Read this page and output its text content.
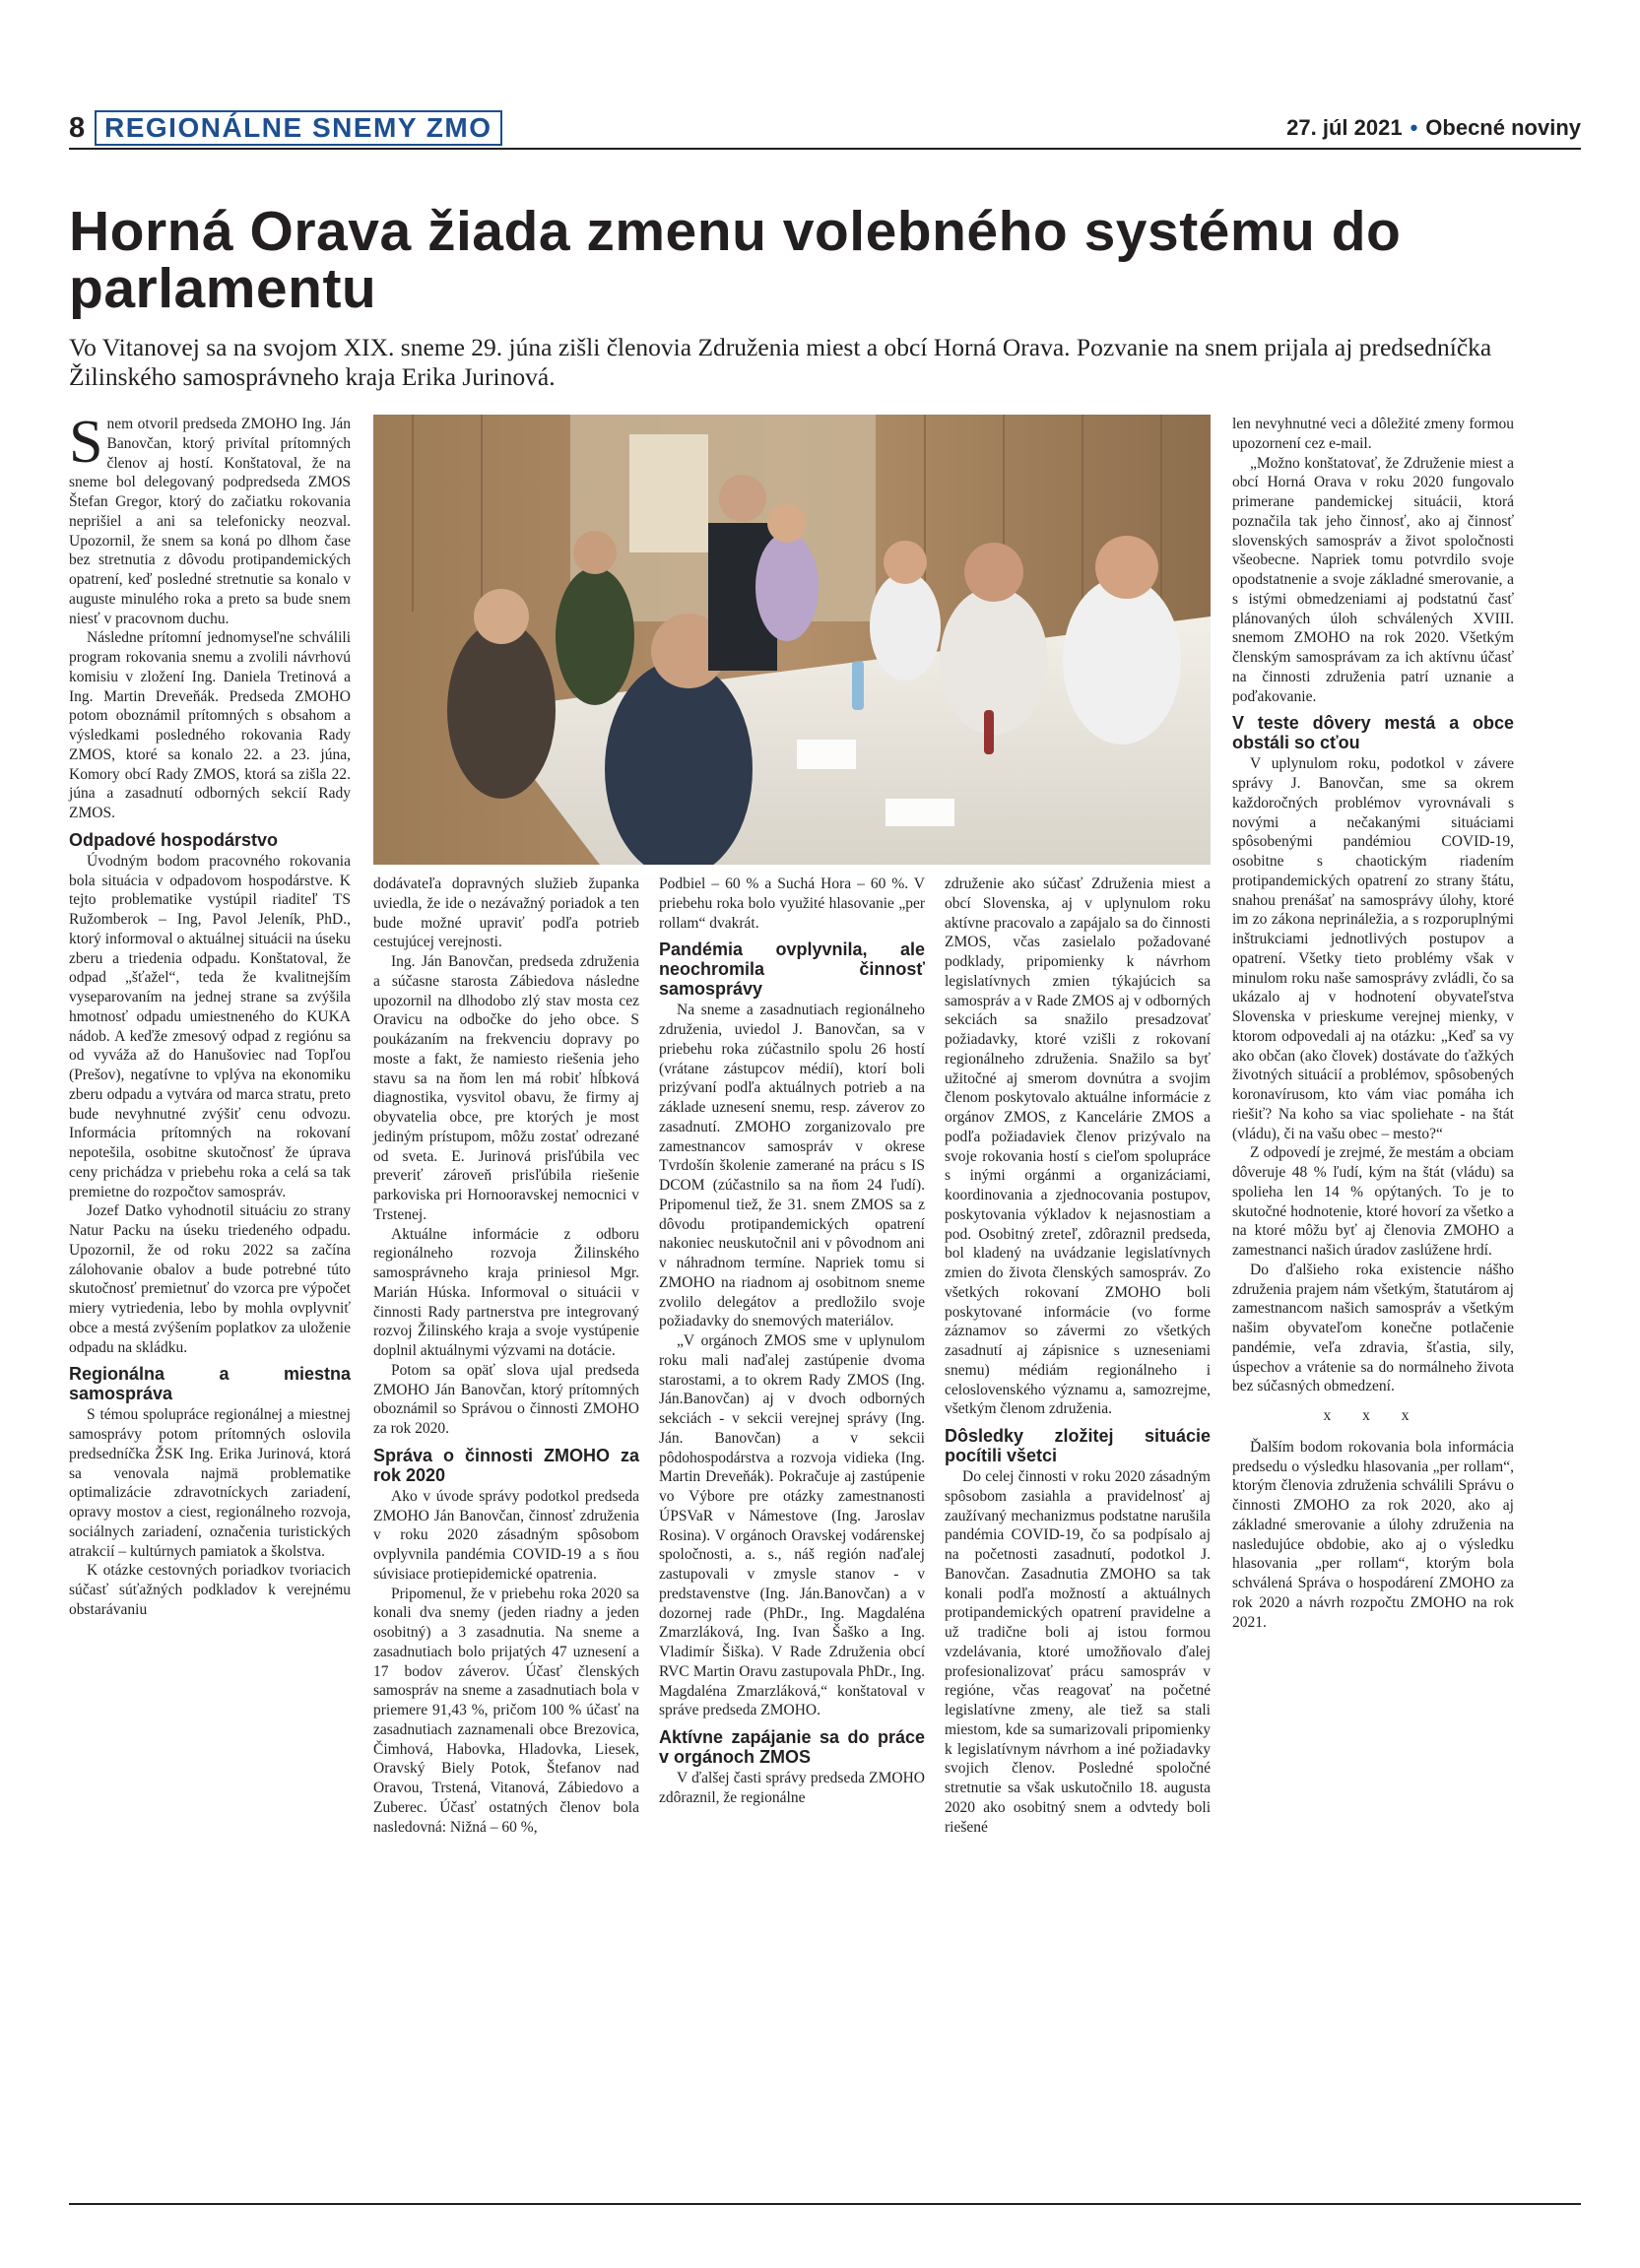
8 REGIONÁLNE SNEMY ZMO	27. júl 2021 • Obecné noviny
Horná Orava žiada zmenu volebného systému do parlamentu

Vo Vitanovej sa na svojom XIX. sneme 29. júna zišli členovia Združenia miest a obcí Horná Orava. Pozvanie na snem prijala aj predsedníčka Žilinského samosprávneho kraja Erika Jurinová.

Snem otvoril predseda ZMOHO Ing. Ján Banovčan, ktorý privítal prítomných členov aj hostí. Konštatoval, že na sneme bol delegovaný podpredseda ZMOS Štefan Gregor, ktorý do začiatku rokovania neprišiel a ani sa telefonicky neozval. Upozornil, že snem sa koná po dlhom čase bez stretnutia z dôvodu protipandemických opatrení, keď posledné stretnutie sa konalo v auguste minulého roka a preto sa bude snem niesť v pracovnom duchu.

Následne prítomní jednomyseľne schválili program rokovania snemu a zvolili návrhovú komisiu v zložení Ing. Daniela Tretinová a Ing. Martin Dreveňák. Predseda ZMOHO potom oboznámil prítomných s obsahom a výsledkami posledného rokovania Rady ZMOS, ktoré sa konalo 22. a 23. júna, Komory obcí Rady ZMOS, ktorá sa zišla 22. júna a zasadnutí odborných sekcií Rady ZMOS.

Odpadové hospodárstvo

Úvodným bodom pracovného rokovania bola situácia v odpadovom hospodárstve. K tejto problematike vystúpil riaditeľ TS Ružomberok – Ing, Pavol Jeleník, PhD., ktorý informoval o aktuálnej situácii na úseku zberu a triedenia odpadu. Konštatoval, že odpad „šťažel“, teda že kvalitnejším vyseparovaním na jednej strane sa zvýšila hmotnosť odpadu umiestneného do KUKA nádob. A keďže zmesový odpad z regiónu sa od vyváža až do Hanušoviec nad Topľou (Prešov), negatívne to vplýva na ekonomiku zberu odpadu a vytvára od marca stratu, preto bude nevyhnutné zvýšiť cenu odvozu. Informácia prítomných na rokovaní nepotešila, osobitne skutočnosť že úprava ceny prichádza v priebehu roka a celá sa tak premietne do rozpočtov samospráv.

Jozef Datko vyhodnotil situáciu zo strany Natur Packu na úseku triedeného odpadu. Upozornil, že od roku 2022 sa začína zálohovanie obalov a bude potrebné túto skutočnosť premietnuť do vzorca pre výpočet miery vytriedenia, lebo by mohla ovplyvniť obce a mestá zvýšením poplatkov za uloženie odpadu na skládku.

Regionálna a miestna samospráva

S témou spolupráce regionálnej a miestnej samosprávy potom prítomných oslovila predsedníčka ŽSK Ing. Erika Jurinová, ktorá sa venovala najmä problematike optimalizácie zdravotníckych zariadení, opravy mostov a ciest, regionálneho rozvoja, sociálnych zariadení, označenia turistických atrakcií – kultúrnych pamiatok a školstva.

K otázke cestovných poriadkov tvoriacich súčasť súťažných podkladov k verejnému obstarávaniu

dodávateľa dopravných služieb županka uviedla, že ide o nezávažný poriadok a ten bude možné upraviť podľa potrieb cestujúcej verejnosti.

Ing. Ján Banovčan, predseda združenia a súčasne starosta Zábiedova následne upozornil na dlhodobo zlý stav mosta cez Oravicu na odbočke do jeho obce. S poukázaním na frekvenciu dopravy po moste a fakt, že namiesto riešenia jeho stavu sa na ňom len má robiť hĺbková diagnostika, vysvitol obavu, že firmy aj obyvatelia obce, pre ktorých je most jediným prístupom, môžu zostať odrezané od sveta. E. Jurinová prisľúbila vec preveriť zároveň prisľúbila riešenie parkoviska pri Hornooravskej nemocnici v Trstenej.

Aktuálne informácie z odboru regionálneho rozvoja Žilinského samosprávneho kraja priniesol Mgr. Marián Húska. Informoval o situácii v činnosti Rady partnerstva pre integrovaný rozvoj Žilinského kraja a svoje vystúpenie doplnil aktuálnymi výzvami na dotácie.

Potom sa opäť slova ujal predseda ZMOHO Ján Banovčan, ktorý prítomných oboznámil so Správou o činnosti ZMOHO za rok 2020.

Správa o činnosti ZMOHO za rok 2020

Ako v úvode správy podotkol predseda ZMOHO Ján Banovčan, činnosť združenia v roku 2020 zásadným spôsobom ovplyvnila pandémia COVID-19 a s ňou súvisiace protiepidemické opatrenia.

Pripomenul, že v priebehu roka 2020 sa konali dva snemy (jeden riadny a jeden osobitný) a 3 zasadnutia. Na sneme a zasadnutiach bolo prijatých 47 uznesení a 17 bodov záverov. Účasť členských samospráv na sneme a zasadnutiach bola v priemere 91,43 %, pričom 100 % účasť na zasadnutiach zaznamenali obce Brezovica, Čimhová, Habovka, Hladovka, Liesek, Oravský Biely Potok, Štefanov nad Oravou, Trstená, Vitanová, Zábiedovo a Zuberec. Účasť ostatných členov bola nasledovná: Nižná – 60 %,

Podbiel – 60 % a Suchá Hora – 60 %. V priebehu roka bolo využité hlasovanie „per rollam“ dvakrát.

Pandémia ovplyvnila, ale neochromila činnosť samosprávy

Na sneme a zasadnutiach regionálneho združenia, uviedol J. Banovčan, sa v priebehu roka zúčastnilo spolu 26 hostí (vrátane zástupcov médií), ktorí boli prizývaní podľa aktuálnych potrieb a na základe uznesení snemu, resp. záverov zo zasadnutí. ZMOHO zorganizovalo pre zamestnancov samospráv v okrese Tvrdošín školenie zamerané na prácu s IS DCOM (zúčastnilo sa na ňom 24 ľudí). Pripomenul tiež, že 31. snem ZMOS sa z dôvodu protipandemických opatrení nakoniec neuskutočnil ani v pôvodnom ani v náhradnom termíne. Napriek tomu si ZMOHO na riadnom aj osobitnom sneme zvolilo delegátov a predložilo svoje požiadavky do snemových materiálov.

„V orgánoch ZMOS sme v uplynulom roku mali naďalej zastúpenie dvoma starostami, a to okrem Rady ZMOS (Ing. Ján.Banovčan) aj v dvoch odborných sekciách - v sekcii verejnej správy (Ing. Ján. Banovčan) a v sekcii pôdohospodárstva a rozvoja vidieka (Ing. Martin Dreveňák). Pokračuje aj zastúpenie vo Výbore pre otázky zamestnanosti ÚPSVaR v Námestove (Ing. Jaroslav Rosina). V orgánoch Oravskej vodárenskej spoločnosti, a. s., náš región naďalej zastupovali v zmysle stanov - v predstavenstve (Ing. Ján.Banovčan) a v dozornej rade (PhDr., Ing. Magdaléna Zmarzláková, Ing. Ivan Šaško a Ing. Vladimír Šiška). V Rade Združenia obcí RVC Martin Oravu zastupovala PhDr., Ing. Magdaléna Zmarzláková,“ konštatoval v správe predseda ZMOHO.

Aktívne zapájanie sa do práce v orgánoch ZMOS

V ďalšej časti správy predseda ZMOHO zdôraznil, že regionálne

združenie ako súčasť Združenia miest a obcí Slovenska, aj v uplynulom roku aktívne pracovalo a zapájalo sa do činnosti ZMOS, včas zasielalo požadované podklady, pripomienky k návrhom legislatívnych zmien týkajúcich sa samospráv a v Rade ZMOS aj v odborných sekciách sa snažilo presadzovať požiadavky, ktoré vzišli z rokovaní regionálneho združenia. Snažilo sa byť užitočné aj smerom dovnútra a svojim členom poskytovalo aktuálne informácie z orgánov ZMOS, z Kancelárie ZMOS a podľa požiadaviek členov prizývalo na svoje rokovania hostí s cieľom spolupráce s inými orgánmi a organizáciami, koordinovania a zjednocovania postupov, poskytovania výkladov k nejasnostiam a pod. Osobitný zreteľ, zdôraznil predseda, bol kladený na uvádzanie legislatívnych zmien do života členských samospráv. Zo všetkých rokovaní ZMOHO boli poskytované informácie (vo forme záznamov so závermi zo všetkých zasadnutí aj zápisnice s uzneseniami snemu) médiám regionálneho i celoslovenského významu a, samozrejme, všetkým členom združenia.

Dôsledky zložitej situácie pocítili všetci

Do celej činnosti v roku 2020 zásadným spôsobom zasiahla a pravidelnosť aj zaužívaný mechanizmus podstatne narušila pandémia COVID-19, čo sa podpísalo aj na početnosti zasadnutí, podotkol J. Banovčan. Zasadnutia ZMOHO sa tak konali podľa možností a aktuálnych protipandemických opatrení pravidelne a už tradične boli aj istou formou vzdelávania, ktoré umožňovalo ďalej profesionalizovať prácu samospráv v regióne, včas reagovať na početné legislatívne zmeny, ale tiež sa stali miestom, kde sa sumarizovali pripomienky k legislatívnym návrhom a iné požiadavky svojich členov. Posledné spoločné stretnutie sa však uskutočnilo 18. augusta 2020 ako osobitný snem a odvtedy boli riešené

len nevyhnutné veci a dôležité zmeny formou upozornení cez e-mail.

„Možno konštatovať, že Združenie miest a obcí Horná Orava v roku 2020 fungovalo primerane pandemickej situácii, ktorá poznačila tak jeho činnosť, ako aj činnosť slovenských samospráv a život spoločnosti všeobecne. Napriek tomu potvrdilo svoje opodstatnenie a svoje základné smerovanie, a s istými obmedzeniami aj podstatnú časť plánovaných úloh schválených XVIII. snemom ZMOHO na rok 2020. Všetkým členským samosprávam za ich aktívnu účasť na činnosti združenia patrí uznanie a poďakovanie.

V teste dôvery mestá a obce obstáli so cťou

V uplynulom roku, podotkol v závere správy J. Banovčan, sme sa okrem každoročných problémov vyrovnávali s novými a nečakanými situáciami spôsobenými pandémiou COVID-19, osobitne s chaotickým riadením protipandemických opatrení zo strany štátu, snahou prenášať na samosprávy úlohy, ktoré im zo zákona neprináležia, a s rozporuplnými inštrukciami jednotlivých postupov a opatrení. Všetky tieto problémy však v minulom roku naše samosprávy zvládli, čo sa ukázalo aj v hodnotení obyvateľstva Slovenska v prieskume verejnej mienky, v ktorom odpovedali aj na otázku: „Keď sa vy ako občan (ako človek) dostávate do ťažkých životných situácií a problémov, spôsobených koronavírusom, kto vám viac pomáha ich riešiť? Na koho sa viac spoliehate - na štát (vládu), či na vašu obec – mesto?“

Z odpovedí je zrejmé, že mestám a obciam dôveruje 48 % ľudí, kým na štát (vládu) sa spolieha len 14 % opýtaných. To je to skutočné hodnotenie, ktoré hovorí za všetko a na ktoré môžu byť aj členovia ZMOHO a zamestnanci našich úradov zaslúžene hrdí.

Do ďalšieho roka existencie nášho združenia prajem nám všetkým, štatutárom aj zamestnancom našich samospráv a všetkým našim obyvateľom konečne potlačenie pandémie, veľa zdravia, šťastia, sily, úspechov a vrátenie sa do normálneho života bez súčasných obmedzení.

x x x

Ďalším bodom rokovania bola informácia predsedu o výsledku hlasovania „per rollam“, ktorým členovia združenia schválili Správu o činnosti ZMOHO za rok 2020, ako aj základné smerovanie a úlohy združenia na nasledujúce obdobie, ako aj o výsledku hlasovania „per rollam“, ktorým bola schválená Správa o hospodárení ZMOHO za rok 2020 a návrh rozpočtu ZMOHO na rok 2021.
